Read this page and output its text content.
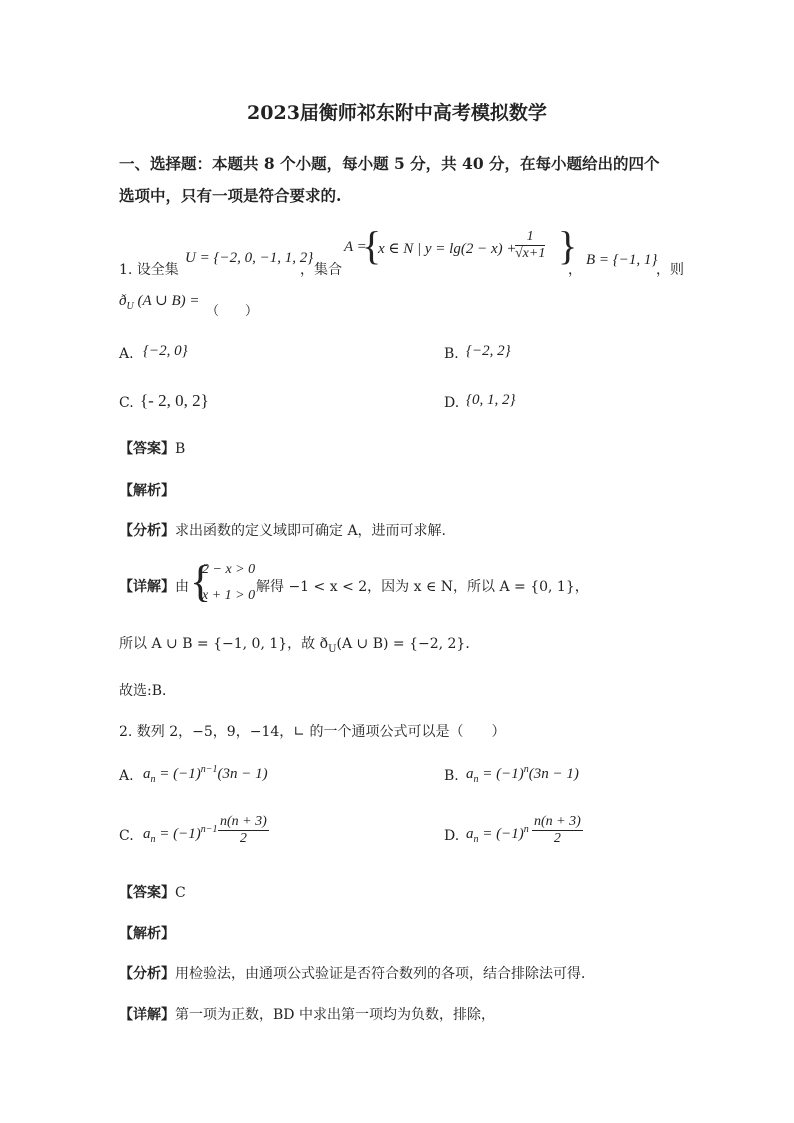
2023届衡师祁东附中高考模拟数学
一、选择题：本题共 8 个小题，每小题 5 分，共 40 分，在每小题给出的四个
选项中，只有一项是符合要求的.
1. 设全集
U = {−2, 0, −1, 1, 2}
，集合
A =
{
x ∈ N | y = lg(2 − x) +
$\frac{1}{√x+1}$ }
，
B = {−1, 1}
，则
$ð_U$ (A ∪ B) =
（　　）
A. {−2, 0}	B. {−2, 2}
C. {- 2, 0, 2}	D. {0, 1, 2}
【答案】B
【解析】
【分析】求出函数的定义域即可确定 A，进而可求解.
【详解】由 {
2 − x > 0
x + 1 > 0
解得 −1 < x < 2，因为 x ∈ N，所以 A = {0, 1}，
所以 A ∪ B = {−1, 0, 1}，故 $ð_U(A$ ∪ B) = {−2, 2}．
故选:B．
2. 数列 2，−5，9，−14，∟ 的一个通项公式可以是（　　）
A. $a_n = (-1)^{n-1}(3n - 1)$	B. $a_n = (-1)^n(3n - 1)$
C. $a_n = (-1)^{n-1} \frac{n(n + 3)}{2}$	D. $a_n = (-1)^n \frac{n(n + 3)}{2}$
【答案】C
【解析】
【分析】用检验法，由通项公式验证是否符合数列的各项，结合排除法可得．
【详解】第一项为正数，BD 中求出第一项均为负数，排除，
